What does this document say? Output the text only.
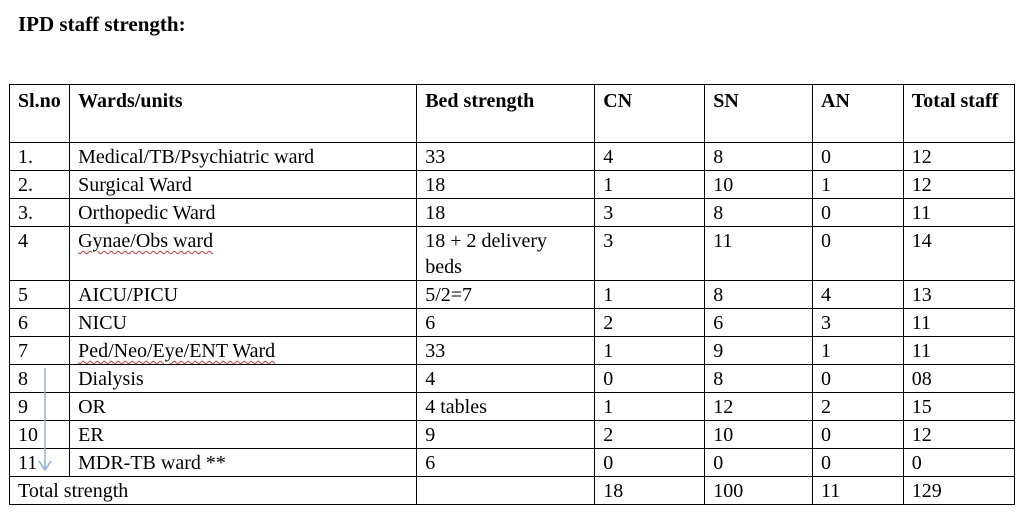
IPD staff strength:
Sl.no	Wards/units	Bed strength	CN	SN	AN	Total staff
1.	Medical/TB/Psychiatric ward	33	4	8	0	12
2.	Surgical Ward	18	1	10	1	12
3.	Orthopedic Ward	18	3	8	0	11
4	Gynae/Obs ward	18 + 2 delivery beds	3	11	0	14
5	AICU/PICU	5/2=7	1	8	4	13
6	NICU	6	2	6	3	11
7	Ped/Neo/Eye/ENT Ward	33	1	9	1	11
8	Dialysis	4	0	8	0	08
9	OR	4 tables	1	12	2	15
10	ER	9	2	10	0	12
11	MDR-TB ward **	6	0	0	0	0
Total strength			18	100	11	129
